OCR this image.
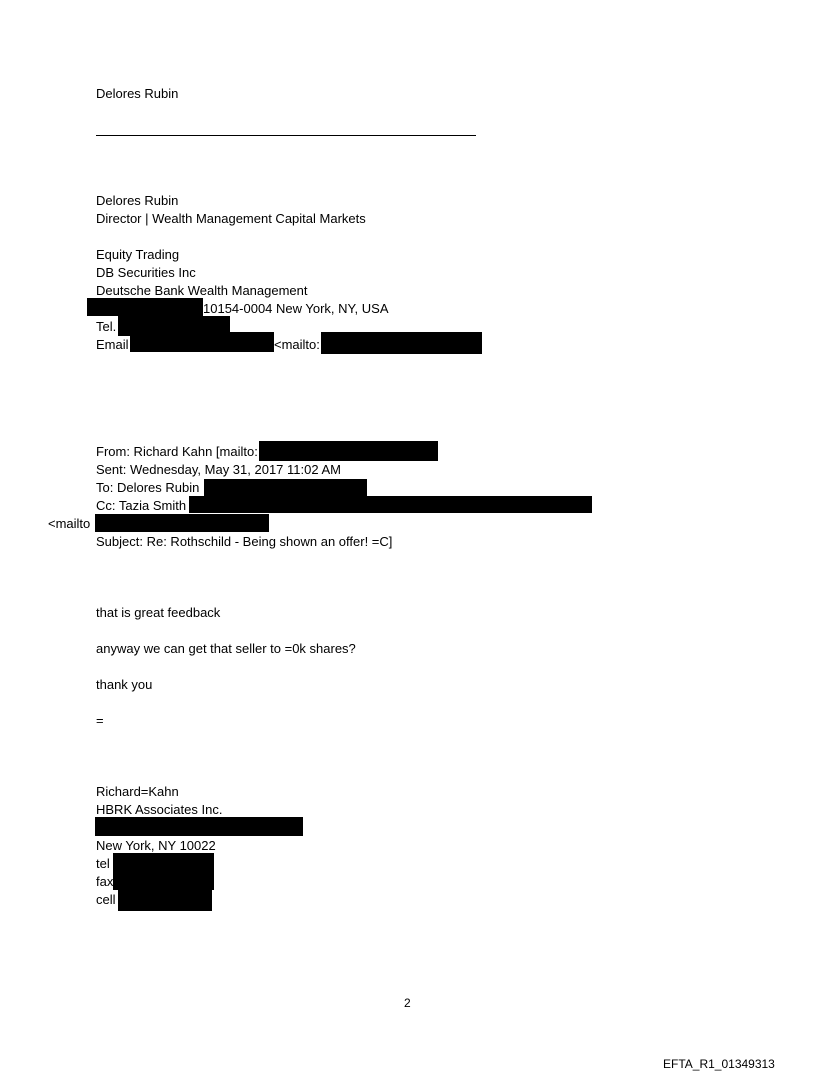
Delores Rubin
Delores Rubin
Director | Wealth Management Capital Markets
Equity Trading
DB Securities Inc
Deutsche Bank Wealth Management
10154-0004 New York, NY, USA
Tel.
Email	<mailto:
From: Richard Kahn [mailto:
Sent: Wednesday, May 31, 2017 11:02 AM
To: Delores Rubin
Cc: Tazia Smith
<mailto
Subject: Re: Rothschild - Being shown an offer! =C]
that is great feedback
anyway we can get that seller to =0k shares?
thank you
=
Richard=Kahn
HBRK Associates Inc.
New York, NY 10022
tel
fax
cell
2
EFTA_R1_01349313
